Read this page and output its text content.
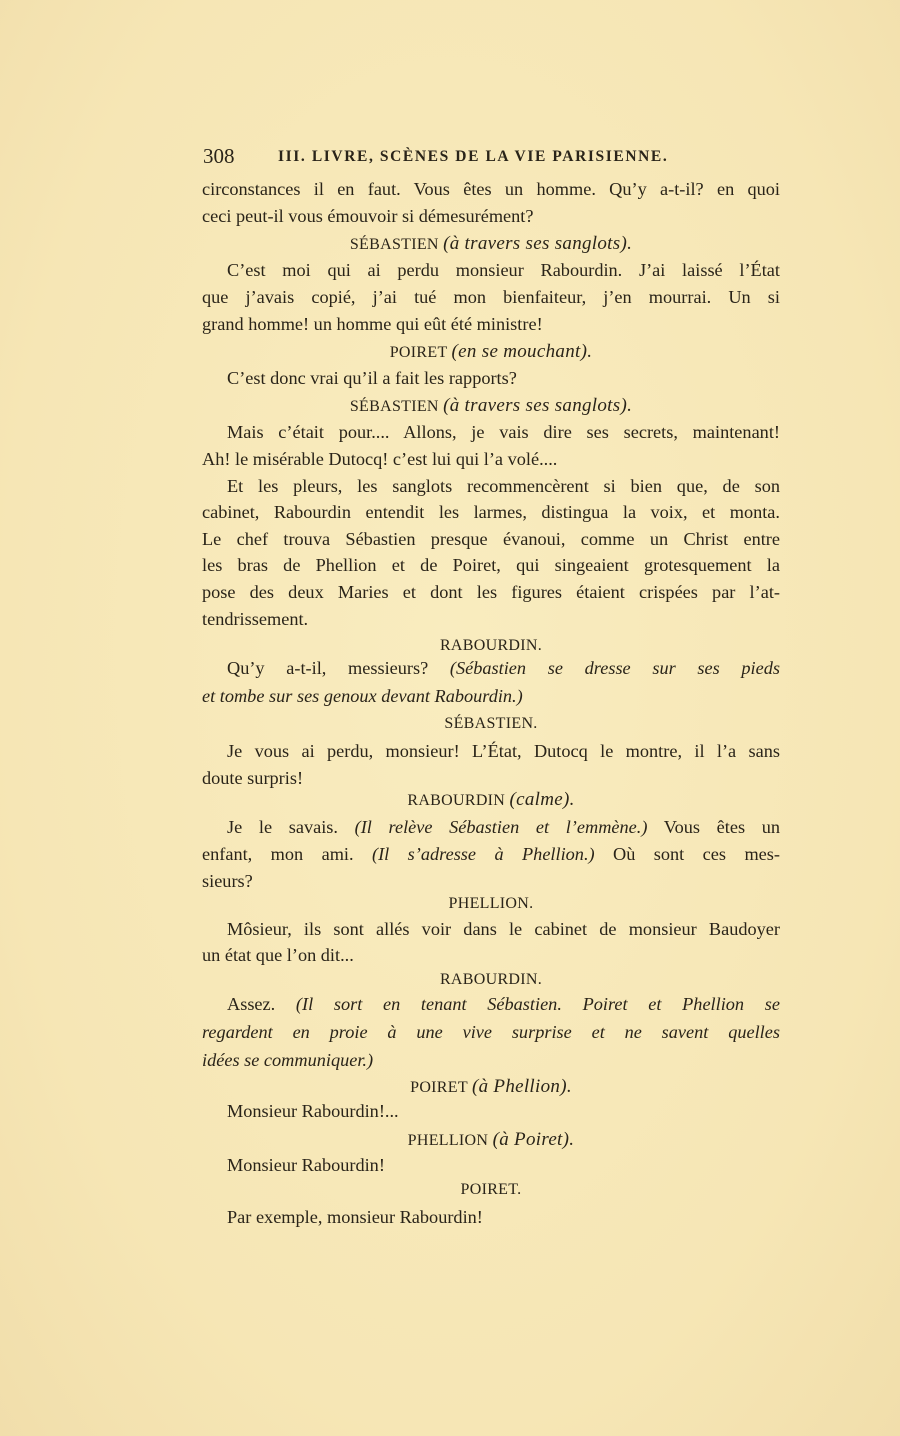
308	III. LIVRE, SCÈNES DE LA VIE PARISIENNE.
circonstances il en faut. Vous êtes un homme. Qu’y a-t-il? en quoi
ceci peut-il vous émouvoir si démesurément?
SÉBASTIEN (à travers ses sanglots).
C’est moi qui ai perdu monsieur Rabourdin. J’ai laissé l’État
que j’avais copié, j’ai tué mon bienfaiteur, j’en mourrai. Un si
grand homme! un homme qui eût été ministre!
POIRET (en se mouchant).
C’est donc vrai qu’il a fait les rapports?
SÉBASTIEN (à travers ses sanglots).
Mais c’était pour.... Allons, je vais dire ses secrets, maintenant!
Ah! le misérable Dutocq! c’est lui qui l’a volé....
Et les pleurs, les sanglots recommencèrent si bien que, de son
cabinet, Rabourdin entendit les larmes, distingua la voix, et monta.
Le chef trouva Sébastien presque évanoui, comme un Christ entre
les bras de Phellion et de Poiret, qui singeaient grotesquement la
pose des deux Maries et dont les figures étaient crispées par l’at-
tendrissement.
RABOURDIN.
Qu’y a-t-il, messieurs? (Sébastien se dresse sur ses pieds
et tombe sur ses genoux devant Rabourdin.)
SÉBASTIEN.
Je vous ai perdu, monsieur! L’État, Dutocq le montre, il l’a sans
doute surpris!
RABOURDIN (calme).
Je le savais. (Il relève Sébastien et l’emmène.) Vous êtes un
enfant, mon ami. (Il s’adresse à Phellion.) Où sont ces mes-
sieurs?
PHELLION.
Môsieur, ils sont allés voir dans le cabinet de monsieur Baudoyer
un état que l’on dit...
RABOURDIN.
Assez. (Il sort en tenant Sébastien. Poiret et Phellion se
regardent en proie à une vive surprise et ne savent quelles
idées se communiquer.)
POIRET (à Phellion).
Monsieur Rabourdin!...
PHELLION (à Poiret).
Monsieur Rabourdin!
POIRET.
Par exemple, monsieur Rabourdin!
